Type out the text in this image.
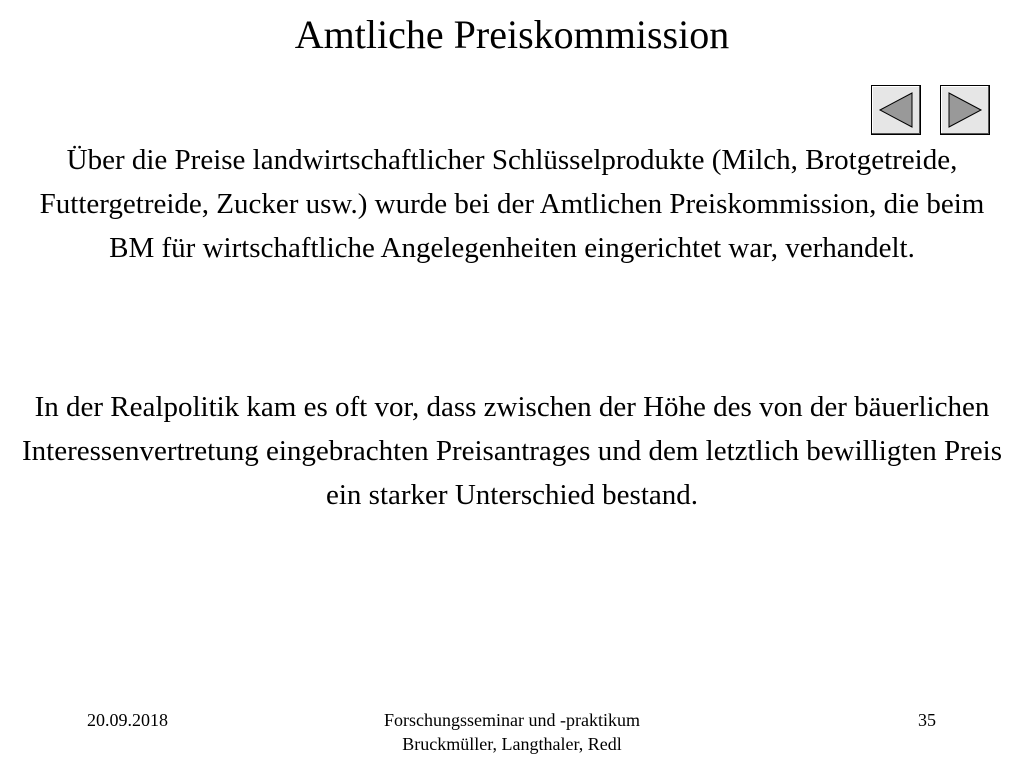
Amtliche Preiskommission

Über die Preise landwirtschaftlicher Schlüsselprodukte (Milch, Brotgetreide, Futtergetreide, Zucker usw.) wurde bei der Amtlichen Preiskommission, die beim BM für wirtschaftliche Angelegenheiten eingerichtet war, verhandelt.

In der Realpolitik kam es oft vor, dass zwischen der Höhe des von der bäuerlichen Interessenvertretung eingebrachten Preisantrages und dem letztlich bewilligten Preis ein starker Unterschied bestand.

20.09.2018	Forschungsseminar und -praktikum
Bruckmüller, Langthaler, Redl
35
